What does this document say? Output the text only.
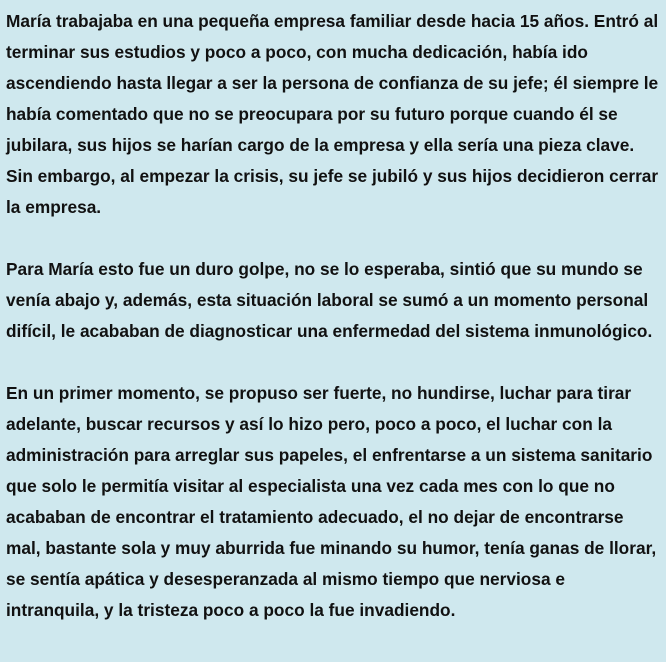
María trabajaba en una pequeña empresa familiar desde hacia 15 años. Entró al terminar sus estudios y poco a poco, con mucha dedicación, había ido ascendiendo hasta llegar a ser la persona de confianza de su jefe; él siempre le había comentado que no se preocupara por su futuro porque cuando él se jubilara, sus hijos se harían cargo de la empresa y ella sería una pieza clave. Sin embargo, al empezar la crisis, su jefe se jubiló y sus hijos decidieron cerrar la empresa.

Para María esto fue un duro golpe, no se lo esperaba, sintió que su mundo se venía abajo y, además, esta situación laboral se sumó a un momento personal difícil, le acababan de diagnosticar una enfermedad del sistema inmunológico.

En un primer momento, se propuso ser fuerte, no hundirse, luchar para tirar adelante, buscar recursos y así lo hizo pero, poco a poco, el luchar con la administración para arreglar sus papeles, el enfrentarse a un sistema sanitario que solo le permitía visitar al especialista una vez cada mes con lo que no acababan de encontrar el tratamiento adecuado, el no dejar de encontrarse mal, bastante sola y muy aburrida fue minando su humor, tenía ganas de llorar, se sentía apática y desesperanzada al mismo tiempo que nerviosa e intranquila, y la tristeza poco a poco la fue invadiendo.
